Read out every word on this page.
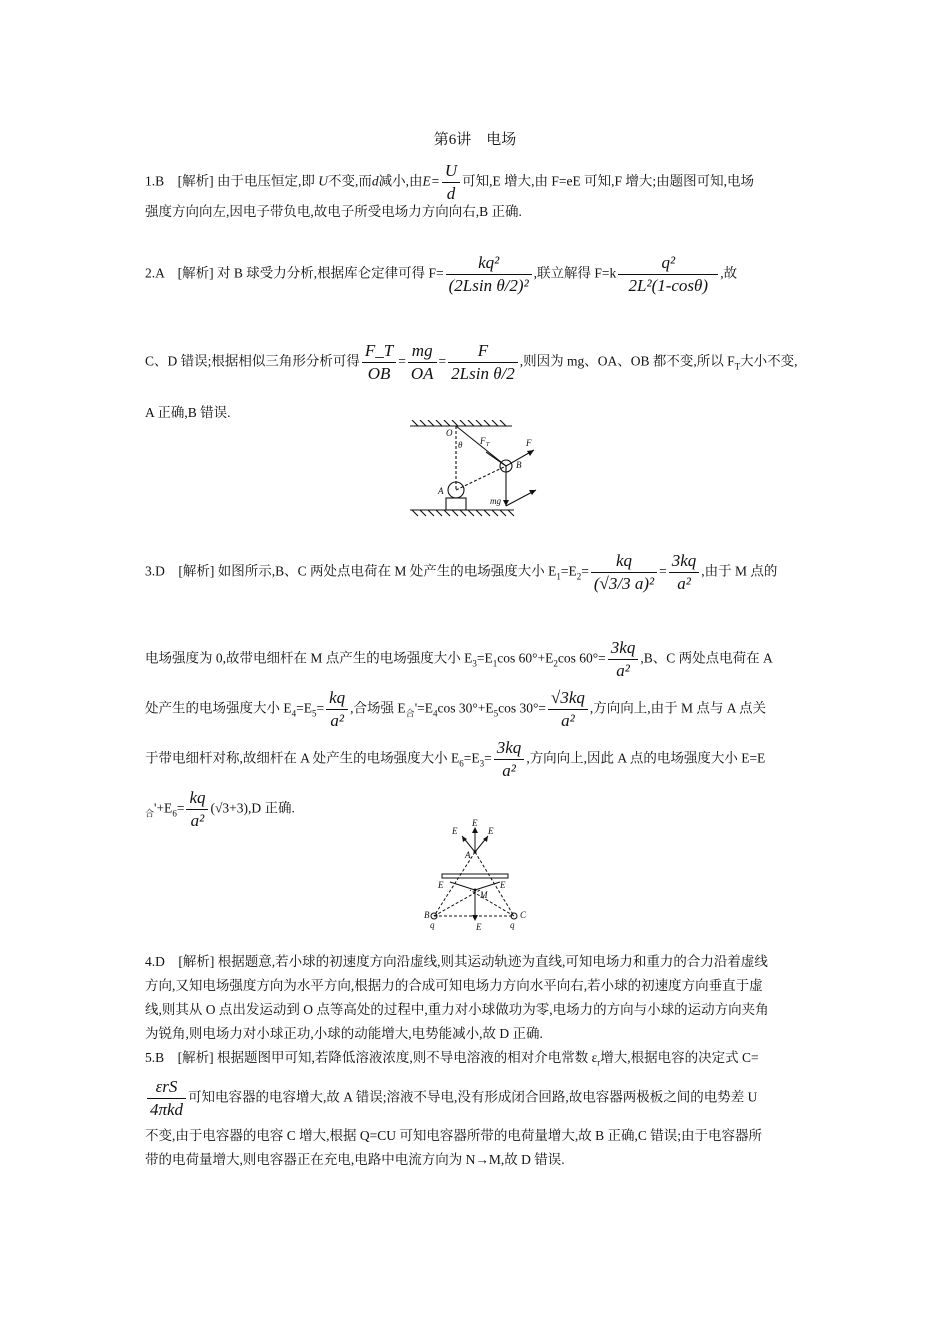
第6讲　电场
1.B　[解析] 由于电压恒定,即 U不变,而d减小,由$E= \frac{U}{d}$ 可知,E 增大,由 F=eE 可知,F 增大;由题图可知,电场
强度方向向左,因电子带负电,故电子所受电场力方向向右,B 正确.
2.A　[解析] 对 B 球受力分析,根据库仑定律可得 $F= \frac{\text{kq²}}{\text{(2Lsin θ/2)²}}$ ,联立解得 $F=k \frac{\text{q²}}{\text{2L²(1-cosθ)}}$ ,故
C、D 错误;根据相似三角形分析可得 $\frac{F\_T}{OB} = \frac{mg}{OA} = \frac{F}{\text{2Lsin θ/2}}$ ,则因为 mg、OA、OB 都不变,所以 $F_T$大小不变,
A 正确,B 错误.
O
θ F T	F
B
A
mg
3.D　[解析] 如图所示,B、C 两处点电荷在 M 处产生的电场强度大小 $E_1=E_2= \frac{kq}{\text{(√3/3 a)²}} = \frac{3kq}{\text{a²}}$ ,由于 M 点的
电场强度为 0,故带电细杆在 M 点产生的电场强度大小 $E_3=E_1\cos$ $60^\circ+E_2\cos$ $60^\circ= \frac{3kq}{\text{a²}} ,B$、C 两处点电荷在 A
处产生的电场强度大小 $E_4=E_5= \frac{kq}{\text{a²}}$ ,合场强 $E_合'=E_4\cos$ $30^\circ+E_5\cos$ $30^\circ= \frac{√3kq}{\text{a²}}$ ,方向向上,由于 M 点与 A 点关
于带电细杆对称,故细杆在 A 处产生的电场强度大小 $E_6=E_3= \frac{3kq}{\text{a²}}$ ,方向向上,因此 A 点的电场强度大小 E=E
$_合'+E_6= \frac{kq}{\text{a²}} (√3+3),D$ 正确.
E
E	E
A
E	E
M
B	C
q	q
E
4.D　[解析] 根据题意,若小球的初速度方向沿虚线,则其运动轨迹为直线,可知电场力和重力的合力沿着虚线
方向,又知电场强度方向为水平方向,根据力的合成可知电场力方向水平向右,若小球的初速度方向垂直于虚
线,则其从 O 点出发运动到 O 点等高处的过程中,重力对小球做功为零,电场力的方向与小球的运动方向夹角
为锐角,则电场力对小球正功,小球的动能增大,电势能减小,故 D 正确.
5.B　[解析] 根据题图甲可知,若降低溶液浓度,则不导电溶液的相对介电常数 $\varepsilon_r$增大,根据电容的决定式 C=
$\frac{\text{εrS}}{\text{4πkd}}$ 可知电容器的电容增大,故 A 错误;溶液不导电,没有形成闭合回路,故电容器两极板之间的电势差 U
不变,由于电容器的电容 C 增大,根据 Q=CU 可知电容器所带的电荷量增大,故 B 正确,C 错误;由于电容器所
带的电荷量增大,则电容器正在充电,电路中电流方向为 N→M,故 D 错误.
